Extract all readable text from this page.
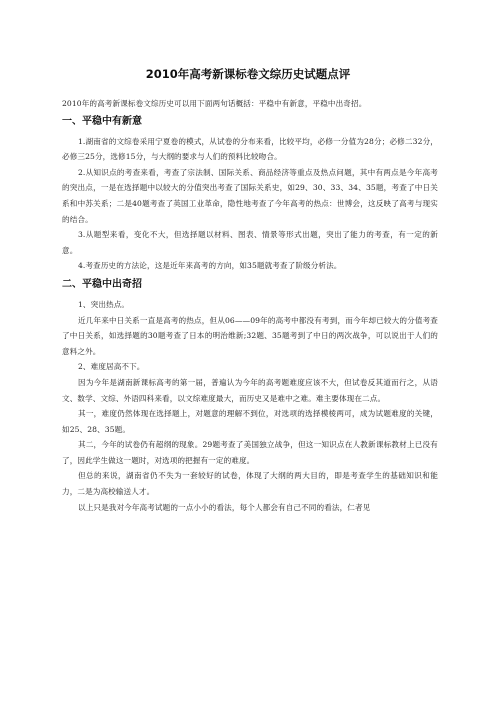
2010年高考新课标卷文综历史试题点评

2010年的高考新课标卷文综历史可以用下面两句话概括：平稳中有新意，平稳中出奇招。

一、平稳中有新意

1.湖南省的文综卷采用宁夏卷的模式，从试卷的分布来看，比较平均，必修一分值为28分；必修二32分，必修三25分，选修15分，与大纲的要求与人们的预料比较吻合。

2.从知识点的考查来看，考查了宗法制、国际关系、商品经济等重点及热点问题，其中有两点是今年高考的突出点，一是在选择题中以较大的分值突出考查了国际关系史，如29、30、33、34、35题，考查了中日关系和中苏关系；二是40题考查了英国工业革命，隐性地考查了今年高考的热点：世博会，这反映了高考与现实的结合。

3.从题型来看，变化不大，但选择题以材料、图表、情景等形式出题，突出了能力的考查，有一定的新意。

4.考查历史的方法论，这是近年来高考的方向，如35题就考查了阶级分析法。

二、平稳中出奇招

1、突出热点。

近几年来中日关系一直是高考的热点，但从06——09年的高考中都没有考到，而今年却已较大的分值考查了中日关系，如选择题的30题考查了日本的明治维新;32题、35题考到了中日的两次战争，可以说出于人们的意料之外。

2、难度居高不下。

因为今年是湖南新课标高考的第一届，普遍认为今年的高考题难度应该不大，但试卷反其道而行之，从语文、数学、文综、外语四科来看，以文综难度最大，而历史又是难中之难。难主要体现在二点。

其一，难度仍然体现在选择题上，对题意的理解不到位，对选项的选择模棱两可，成为试题难度的关键，如25、28、35题。

其二，今年的试卷仍有超纲的现象。29题考查了美国独立战争，但这一知识点在人教新课标教材上已没有了，因此学生做这一题时，对选项的把握有一定的难度。

但总的来说，湖南省仍不失为一套较好的试卷，体现了大纲的两大目的，即是考查学生的基础知识和能力，二是为高校输送人才。

以上只是我对今年高考试题的一点小小的看法，每个人都会有自己不同的看法，仁者见
